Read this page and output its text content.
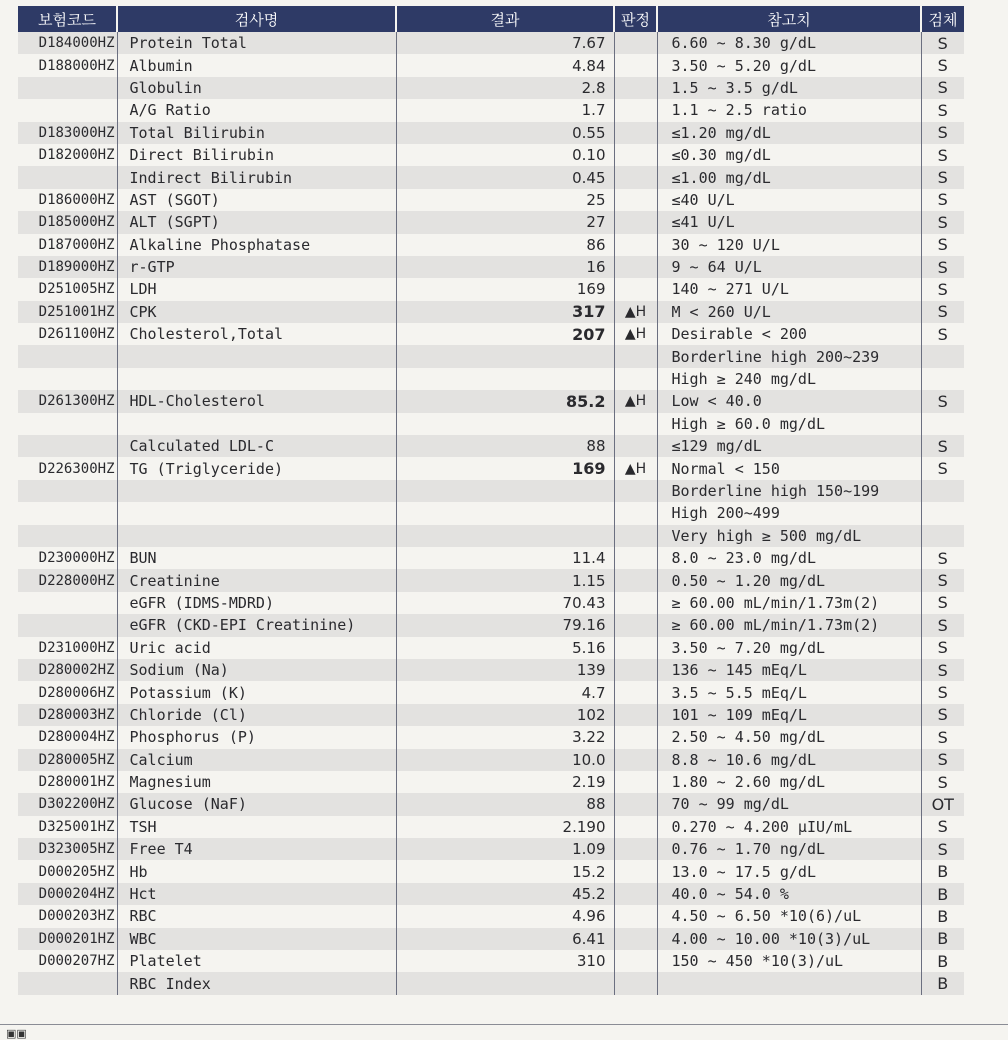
보험코드	검사명	결과	판정	참고치	검체
D184000HZ	Protein Total	7.67		6.60 ~ 8.30 g/dL	S
D188000HZ	Albumin	4.84		3.50 ~ 5.20 g/dL	S
	Globulin	2.8		1.5 ~ 3.5 g/dL	S
	A/G Ratio	1.7		1.1 ~ 2.5 ratio	S
D183000HZ	Total Bilirubin	0.55		≤1.20 mg/dL	S
D182000HZ	Direct Bilirubin	0.10		≤0.30 mg/dL	S
	Indirect Bilirubin	0.45		≤1.00 mg/dL	S
D186000HZ	AST (SGOT)	25		≤40 U/L	S
D185000HZ	ALT (SGPT)	27		≤41 U/L	S
D187000HZ	Alkaline Phosphatase	86		30 ~ 120 U/L	S
D189000HZ	r-GTP	16		9 ~ 64 U/L	S
D251005HZ	LDH	169		140 ~ 271 U/L	S
D251001HZ	CPK	317	▲H	M < 260 U/L	S
D261100HZ	Cholesterol,Total	207	▲H	Desirable < 200	S
				Borderline high 200~239	
				High ≥ 240 mg/dL	
D261300HZ	HDL-Cholesterol	85.2	▲H	Low < 40.0	S
				High ≥ 60.0 mg/dL	
	Calculated LDL-C	88		≤129 mg/dL	S
D226300HZ	TG (Triglyceride)	169	▲H	Normal < 150	S
				Borderline high 150~199	
				High 200~499	
				Very high ≥ 500 mg/dL	
D230000HZ	BUN	11.4		8.0 ~ 23.0 mg/dL	S
D228000HZ	Creatinine	1.15		0.50 ~ 1.20 mg/dL	S
	eGFR (IDMS-MDRD)	70.43		≥ 60.00 mL/min/1.73m(2)	S
	eGFR (CKD-EPI Creatinine)	79.16		≥ 60.00 mL/min/1.73m(2)	S
D231000HZ	Uric acid	5.16		3.50 ~ 7.20 mg/dL	S
D280002HZ	Sodium (Na)	139		136 ~ 145 mEq/L	S
D280006HZ	Potassium (K)	4.7		3.5 ~ 5.5 mEq/L	S
D280003HZ	Chloride (Cl)	102		101 ~ 109 mEq/L	S
D280004HZ	Phosphorus (P)	3.22		2.50 ~ 4.50 mg/dL	S
D280005HZ	Calcium	10.0		8.8 ~ 10.6 mg/dL	S
D280001HZ	Magnesium	2.19		1.80 ~ 2.60 mg/dL	S
D302200HZ	Glucose (NaF)	88		70 ~ 99 mg/dL	OT
D325001HZ	TSH	2.190		0.270 ~ 4.200 μIU/mL	S
D323005HZ	Free T4	1.09		0.76 ~ 1.70 ng/dL	S
D000205HZ	Hb	15.2		13.0 ~ 17.5 g/dL	B
D000204HZ	Hct	45.2		40.0 ~ 54.0 %	B
D000203HZ	RBC	4.96		4.50 ~ 6.50 *10(6)/uL	B
D000201HZ	WBC	6.41		4.00 ~ 10.00 *10(3)/uL	B
D000207HZ	Platelet	310		150 ~ 450 *10(3)/uL	B
	RBC Index				B
▣▣
